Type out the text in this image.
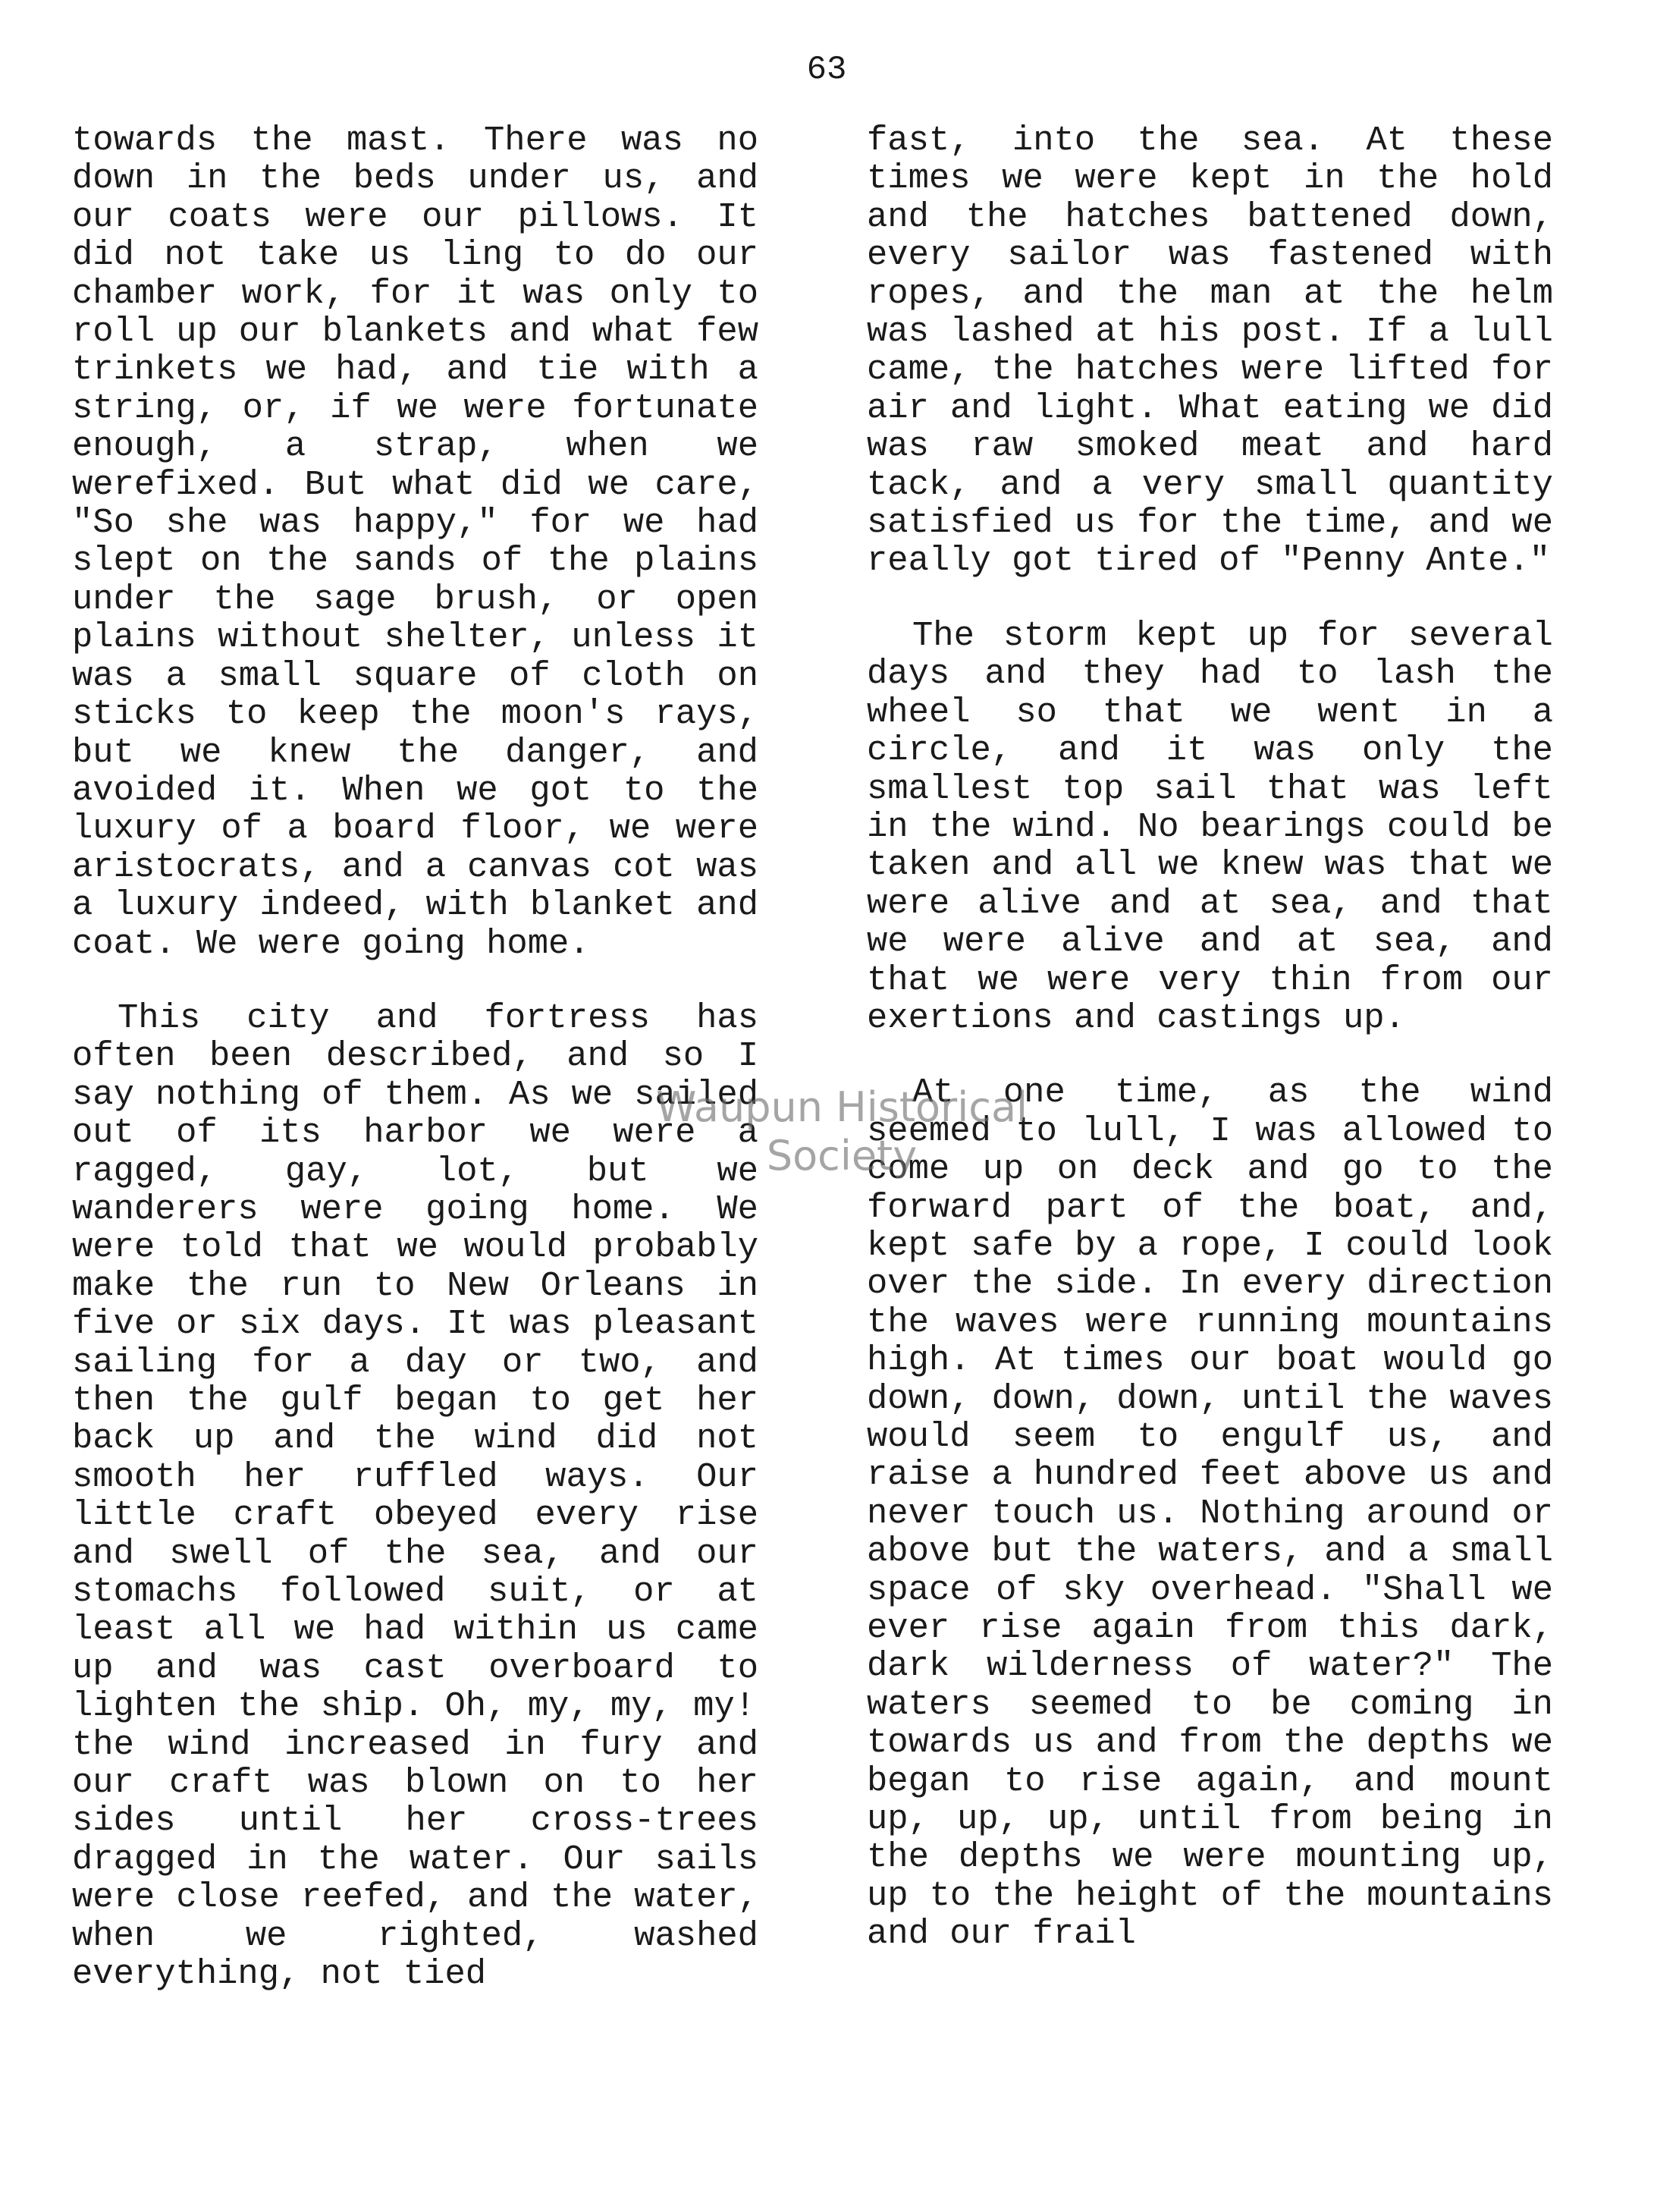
63

towards the mast. There was no down in the beds under us, and our coats were our pillows. It did not take us ling to do our chamber work, for it was only to roll up our blankets and what few trinkets we had, and tie with a string, or, if we were fortunate enough, a strap, when we werefixed. But what did we care, "So she was happy," for we had slept on the sands of the plains under the sage brush, or open plains without shelter, unless it was a small square of cloth on sticks to keep the moon's rays, but we knew the danger, and avoided it. When we got to the luxury of a board floor, we were aristocrats, and a canvas cot was a luxury indeed, with blanket and coat. We were going home.

This city and fortress has often been described, and so I say nothing of them. As we sailed out of its harbor we were a ragged, gay, lot, but we wanderers were going home. We were told that we would probably make the run to New Orleans in five or six days. It was pleasant sailing for a day or two, and then the gulf began to get her back up and the wind did not smooth her ruffled ways. Our little craft obeyed every rise and swell of the sea, and our stomachs followed suit, or at least all we had within us came up and was cast overboard to lighten the ship. Oh, my, my, my!
the wind increased in fury and our craft was blown on to her sides until her cross-trees dragged in the water. Our sails were close reefed, and the water, when we righted, washed everything, not tied

fast, into the sea. At these times we were kept in the hold and the hatches battened down, every sailor was fastened with ropes, and the man at the helm was lashed at his post. If a lull came, the hatches were lifted for air and light. What eating we did was raw smoked meat and hard tack, and a very small quantity satisfied us for the time, and we really got tired of "Penny Ante."

The storm kept up for several days and they had to lash the wheel so that we went in a circle, and it was only the smallest top sail that was left in the wind. No bearings could be taken and all we knew was that we were alive and at sea, and that we were alive and at sea, and that we were very thin from our exertions and castings up.

At one time, as the wind seemed to lull, I was allowed to come up on deck and go to the forward part of the boat, and, kept safe by a rope, I could look over the side. In every direction the waves were running mountains high. At times our boat would go down, down, down, until the waves would seem to engulf us, and raise a hundred feet above us and never touch us. Nothing around or above but the waters, and a small space of sky overhead. "Shall we ever rise again from this dark, dark wilderness of water?" The waters seemed to be coming in towards us and from the depths we began to rise again, and mount up, up, up, until from being in the depths we were mounting up, up to the height of the mountains and our frail

Waupun Historical Society
